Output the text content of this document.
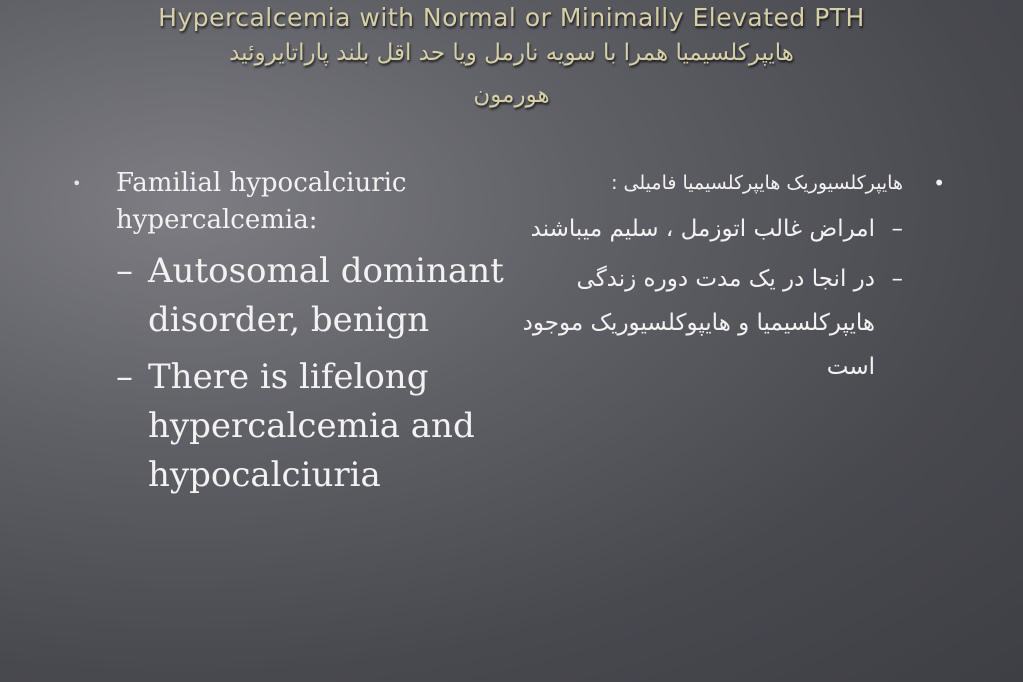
Hypercalcemia with Normal or Minimally Elevated PTH
هایپرکلسیمیا همرا با سویه نارمل ویا حد اقل بلند پاراتایروئید
هورمون
• Familial hypocalciuric hypercalcemia:
– Autosomal dominant disorder, benign
– There is lifelong hypercalcemia and hypocalciuria
•
هایپرکلسیوریک هایپرکلسیمیا فامیلی :
–
امراض غالب اتوزمل ، سلیم میباشند
–
در انجا در یک مدت دوره زندگی هایپرکلسیمیا و هایپوکلسیوریک موجود است
